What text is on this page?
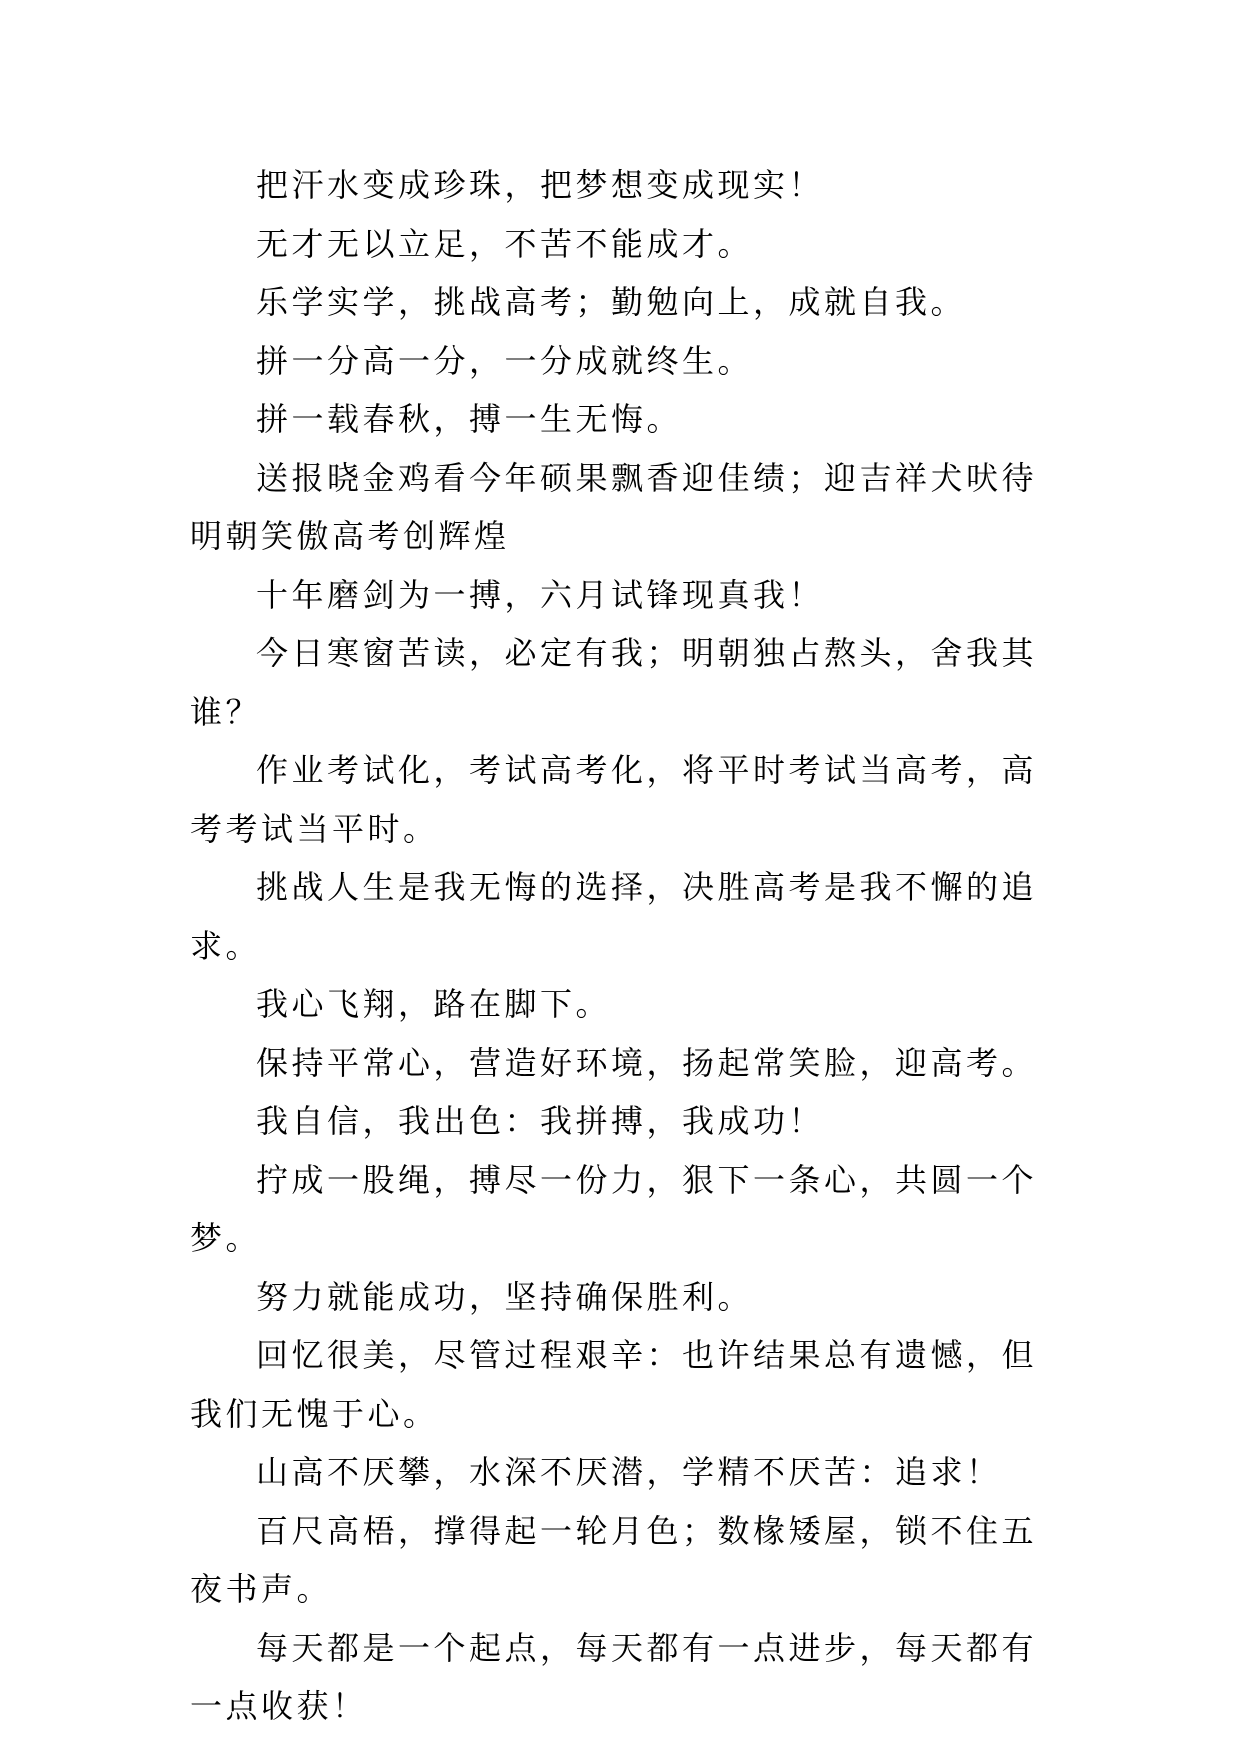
把汗水变成珍珠，把梦想变成现实！

无才无以立足，不苦不能成才。

乐学实学，挑战高考；勤勉向上，成就自我。

拼一分高一分，一分成就终生。

拼一载春秋，搏一生无悔。

送报晓金鸡看今年硕果飘香迎佳绩；迎吉祥犬吠待明朝笑傲高考创辉煌

十年磨剑为一搏，六月试锋现真我！

今日寒窗苦读，必定有我；明朝独占熬头，舍我其谁？

作业考试化，考试高考化，将平时考试当高考，高考考试当平时。

挑战人生是我无悔的选择，决胜高考是我不懈的追求。

我心飞翔，路在脚下。

保持平常心，营造好环境，扬起常笑脸，迎高考。

我自信，我出色：我拼搏，我成功！

拧成一股绳，搏尽一份力，狠下一条心，共圆一个梦。

努力就能成功，坚持确保胜利。

回忆很美，尽管过程艰辛：也许结果总有遗憾，但我们无愧于心。

山高不厌攀，水深不厌潜，学精不厌苦：追求！

百尺高梧，撑得起一轮月色；数椽矮屋，锁不住五夜书声。

每天都是一个起点，每天都有一点进步，每天都有一点收获！
